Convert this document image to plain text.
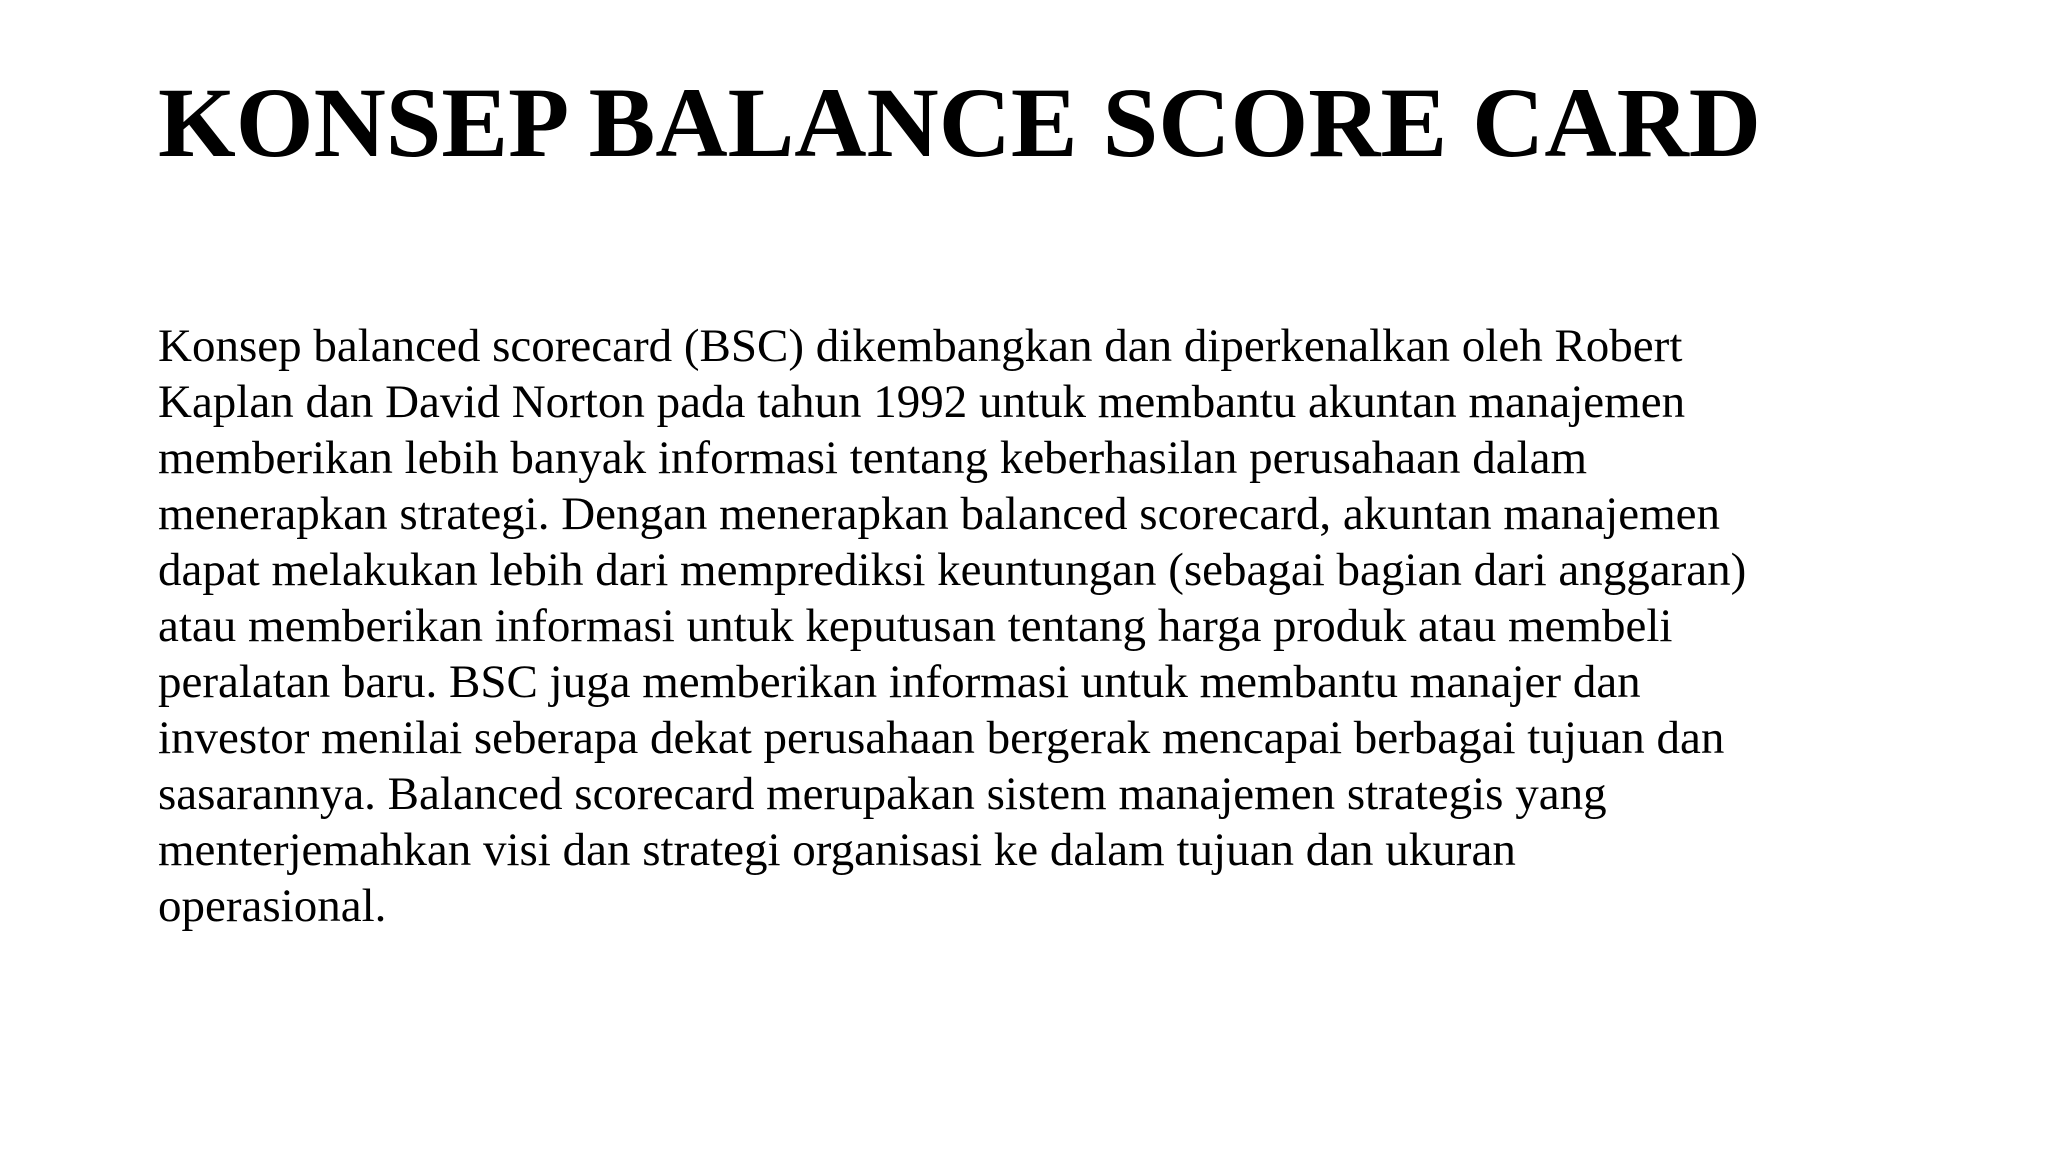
KONSEP BALANCE SCORE CARD

Konsep balanced scorecard (BSC) dikembangkan dan diperkenalkan oleh Robert
Kaplan dan David Norton pada tahun 1992 untuk membantu akuntan manajemen
memberikan lebih banyak informasi tentang keberhasilan perusahaan dalam
menerapkan strategi. Dengan menerapkan balanced scorecard, akuntan manajemen
dapat melakukan lebih dari memprediksi keuntungan (sebagai bagian dari anggaran)
atau memberikan informasi untuk keputusan tentang harga produk atau membeli
peralatan baru. BSC juga memberikan informasi untuk membantu manajer dan
investor menilai seberapa dekat perusahaan bergerak mencapai berbagai tujuan dan
sasarannya. Balanced scorecard merupakan sistem manajemen strategis yang
menterjemahkan visi dan strategi organisasi ke dalam tujuan dan ukuran
operasional.
